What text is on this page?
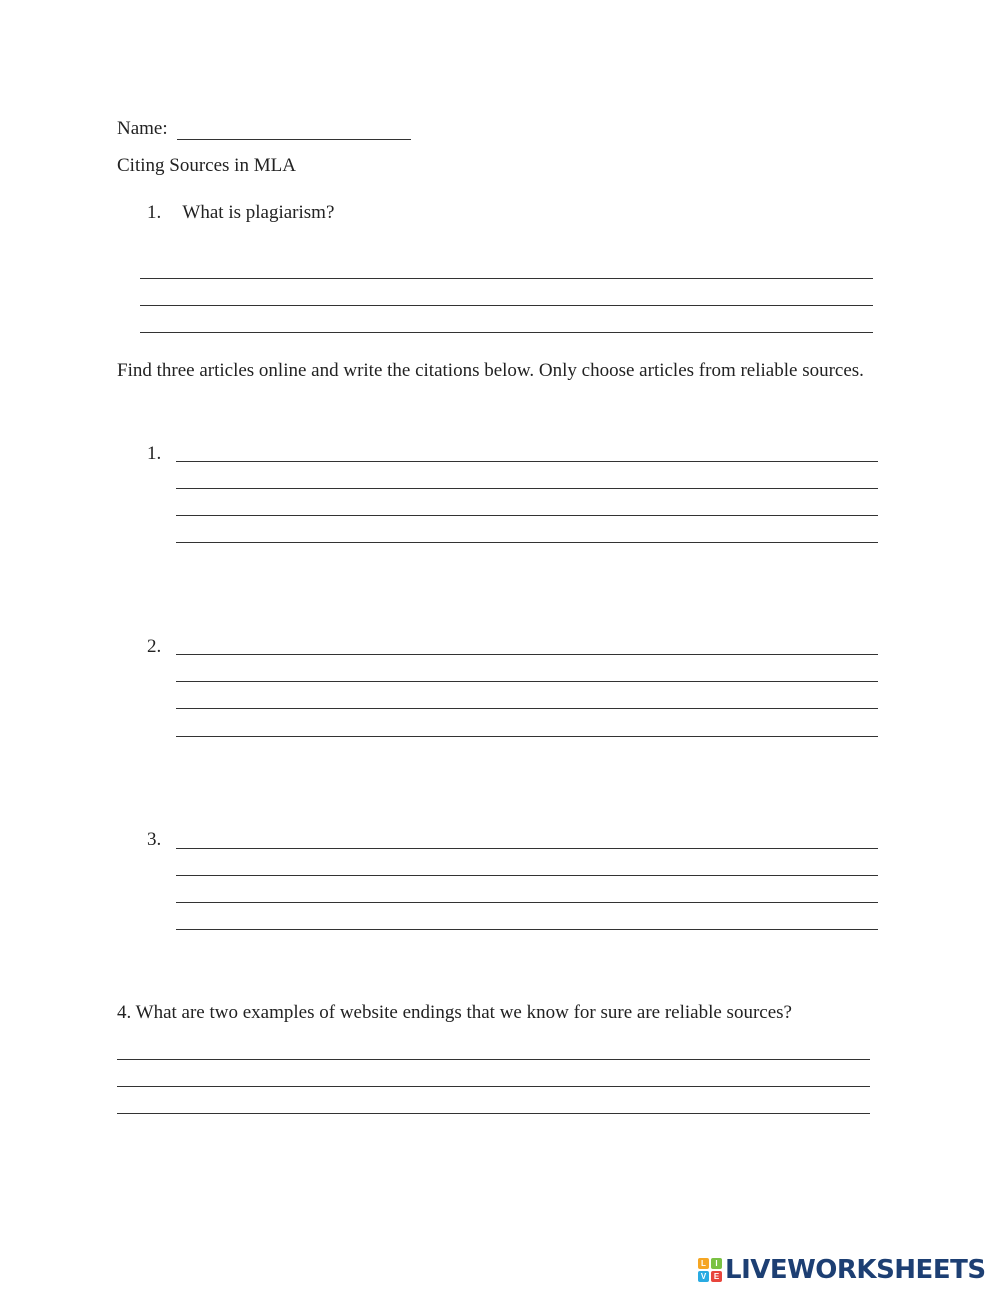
Name:
Citing Sources in MLA
1. What is plagiarism?
Find three articles online and write the citations below. Only choose articles from reliable sources.
1.
2.
3.
4. What are two examples of website endings that we know for sure are reliable sources?
L	I
V E LIVEWORKSHEETS
